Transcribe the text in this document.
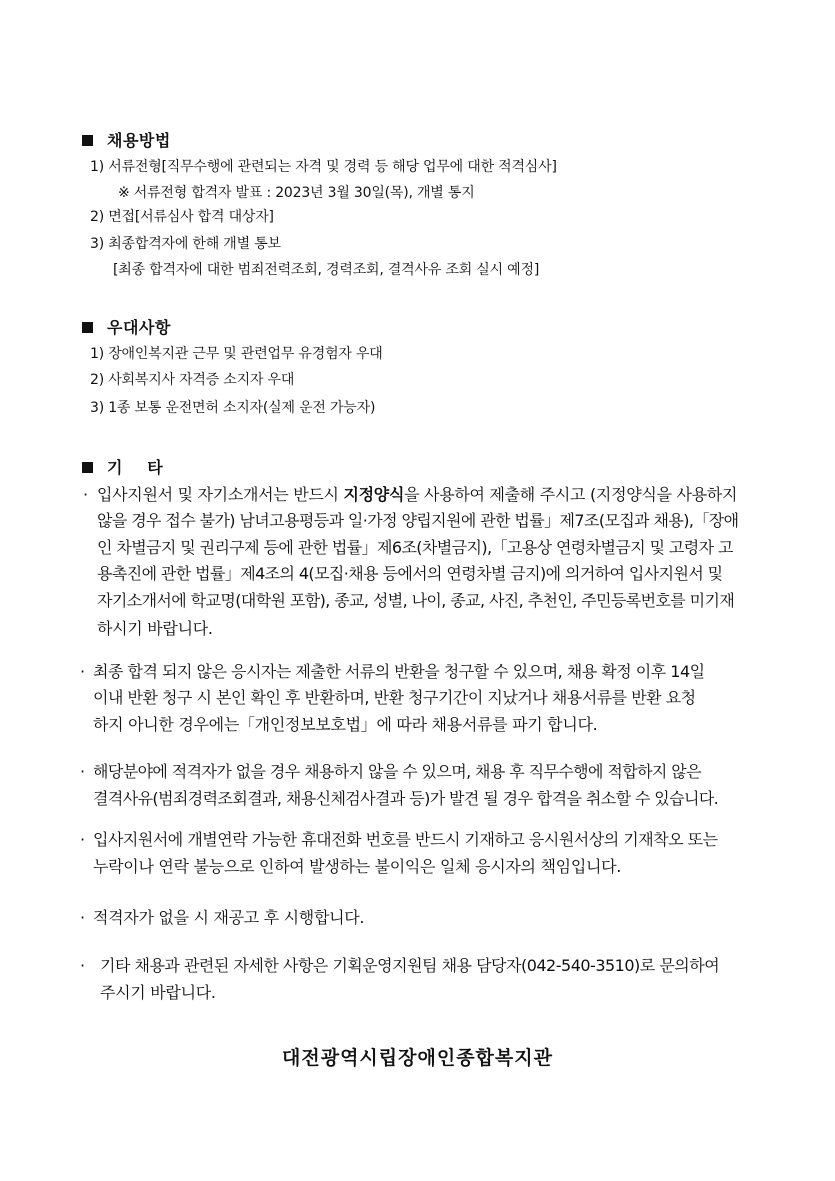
채용방법
1) 서류전형[직무수행에 관련되는 자격 및 경력 등 해당 업무에 대한 적격심사]
※ 서류전형 합격자 발표 : 2023년 3월 30일(목), 개별 통지
2) 면접[서류심사 합격 대상자]
3) 최종합격자에 한해 개별 통보
[최종 합격자에 대한 범죄전력조회, 경력조회, 결격사유 조회 실시 예정]
우대사항
1) 장애인복지관 근무 및 관련업무 유경험자 우대
2) 사회복지사 자격증 소지자 우대
3) 1종 보통 운전면허 소지자(실제 운전 가능자)
기    타
· 입사지원서 및 자기소개서는 반드시 지정양식을 사용하여 제출해 주시고 (지정양식을 사용하지
않을 경우 접수 불가) 남녀고용평등과 일·가정 양립지원에 관한 법률」제7조(모집과 채용),「장애
인 차별금지 및 권리구제 등에 관한 법률」제6조(차별금지),「고용상 연령차별금지 및 고령자 고
용촉진에 관한 법률」제4조의 4(모집·채용 등에서의 연령차별 금지)에 의거하여 입사지원서 및
자기소개서에 학교명(대학원 포함), 종교, 성별, 나이, 종교, 사진, 추천인, 주민등록번호를 미기재
하시기 바랍니다.
· 최종 합격 되지 않은 응시자는 제출한 서류의 반환을 청구할 수 있으며, 채용 확정 이후 14일
이내 반환 청구 시 본인 확인 후 반환하며, 반환 청구기간이 지났거나 채용서류를 반환 요청
하지 아니한 경우에는「개인정보보호법」에 따라 채용서류를 파기 합니다.
· 해당분야에 적격자가 없을 경우 채용하지 않을 수 있으며, 채용 후 직무수행에 적합하지 않은
결격사유(범죄경력조회결과, 채용신체검사결과 등)가 발견 될 경우 합격을 취소할 수 있습니다.
· 입사지원서에 개별연락 가능한 휴대전화 번호를 반드시 기재하고 응시원서상의 기재착오 또는
누락이나 연락 불능으로 인하여 발생하는 불이익은 일체 응시자의 책임입니다.
· 적격자가 없을 시 재공고 후 시행합니다.
· 기타 채용과 관련된 자세한 사항은 기획운영지원팀 채용 담당자(042-540-3510)로 문의하여
주시기 바랍니다.
대전광역시립장애인종합복지관
